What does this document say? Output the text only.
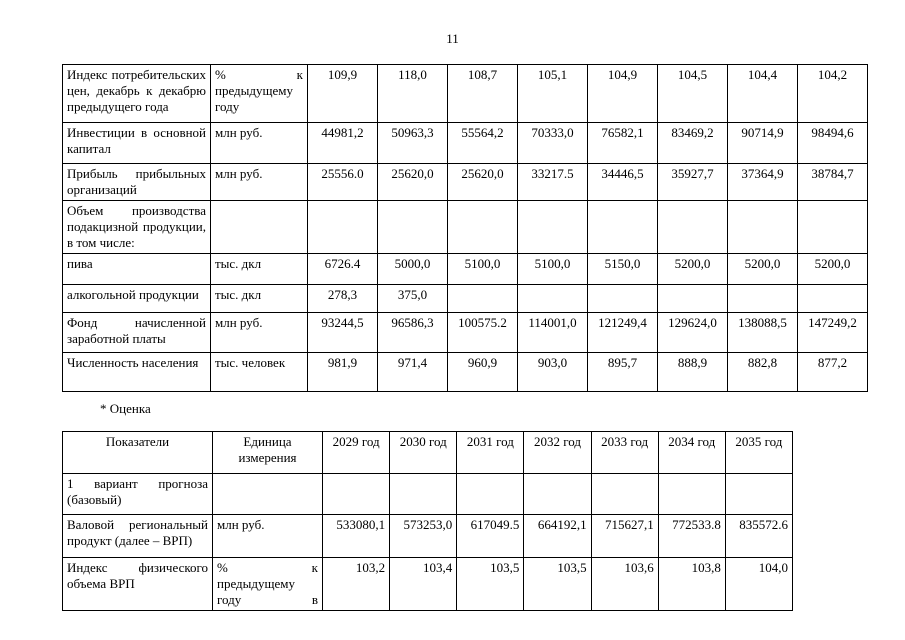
11
Индекс потребительских цен, декабрь к декабрю предыдущего года	% к предыдущему году	109,9	118,0	108,7	105,1	104,9	104,5	104,4	104,2
Инвестиции в основной капитал	млн руб.	44981,2	50963,3	55564,2	70333,0	76582,1	83469,2	90714,9	98494,6
Прибыль прибыльных организаций	млн руб.	25556.0	25620,0	25620,0	33217.5	34446,5	35927,7	37364,9	38784,7
Объем производства подакцизной продукции, в том числе:									
пива	тыс. дкл	6726.4	5000,0	5100,0	5100,0	5150,0	5200,0	5200,0	5200,0
алкогольной продукции	тыс. дкл	278,3	375,0						
Фонд начисленной заработной платы	млн руб.	93244,5	96586,3	100575.2	114001,0	121249,4	129624,0	138088,5	147249,2
Численность населения	тыс. человек	981,9	971,4	960,9	903,0	895,7	888,9	882,8	877,2
* Оценка
Показатели	Единица измерения	2029 год	2030 год	2031 год	2032 год	2033 год	2034 год	2035 год
1 вариант прогноза (базовый)								
Валовой региональный продукт (далее – ВРП)	млн руб.	533080,1	573253,0	617049.5	664192,1	715627,1	772533.8	835572.6
Индекс физического объема ВРП	% к предыдущему году в	103,2	103,4	103,5	103,5	103,6	103,8	104,0
